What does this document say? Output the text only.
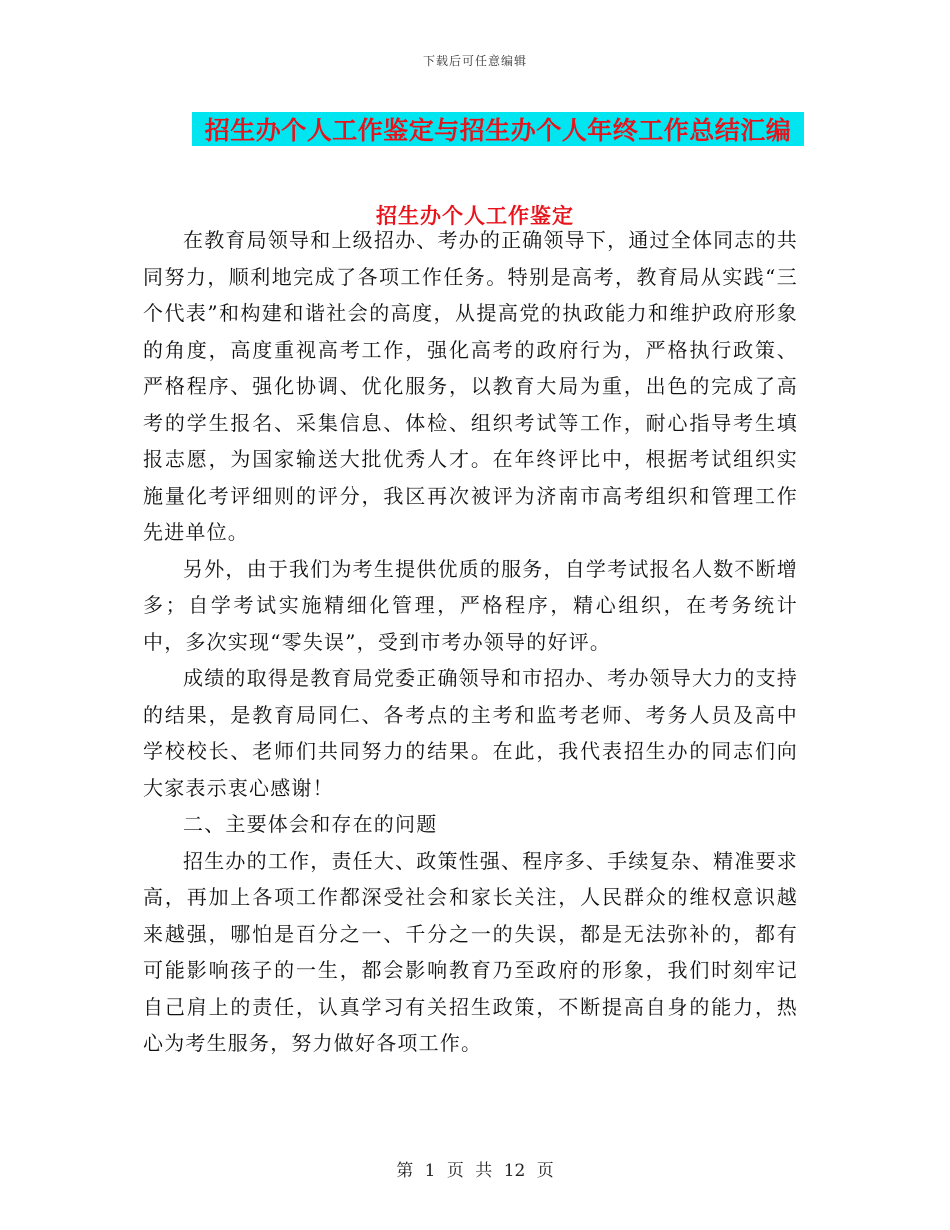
下载后可任意编辑
招生办个人工作鉴定与招生办个人年终工作总结汇编
招生办个人工作鉴定

在教育局领导和上级招办、考办的正确领导下，通过全体同志的共同努力，顺利地完成了各项工作任务。特别是高考，教育局从实践“三个代表”和构建和谐社会的高度，从提高党的执政能力和维护政府形象的角度，高度重视高考工作，强化高考的政府行为，严格执行政策、严格程序、强化协调、优化服务，以教育大局为重，出色的完成了高考的学生报名、采集信息、体检、组织考试等工作，耐心指导考生填报志愿，为国家输送大批优秀人才。在年终评比中，根据考试组织实施量化考评细则的评分，我区再次被评为济南市高考组织和管理工作先进单位。

另外，由于我们为考生提供优质的服务，自学考试报名人数不断增多；自学考试实施精细化管理，严格程序，精心组织，在考务统计中，多次实现“零失误”，受到市考办领导的好评。

成绩的取得是教育局党委正确领导和市招办、考办领导大力的支持的结果，是教育局同仁、各考点的主考和监考老师、考务人员及高中学校校长、老师们共同努力的结果。在此，我代表招生办的同志们向大家表示衷心感谢！

二、主要体会和存在的问题

招生办的工作，责任大、政策性强、程序多、手续复杂、精准要求高，再加上各项工作都深受社会和家长关注，人民群众的维权意识越来越强，哪怕是百分之一、千分之一的失误，都是无法弥补的，都有可能影响孩子的一生，都会影响教育乃至政府的形象，我们时刻牢记自己肩上的责任，认真学习有关招生政策，不断提高自身的能力，热心为考生服务，努力做好各项工作。

第 1 页 共 12 页
